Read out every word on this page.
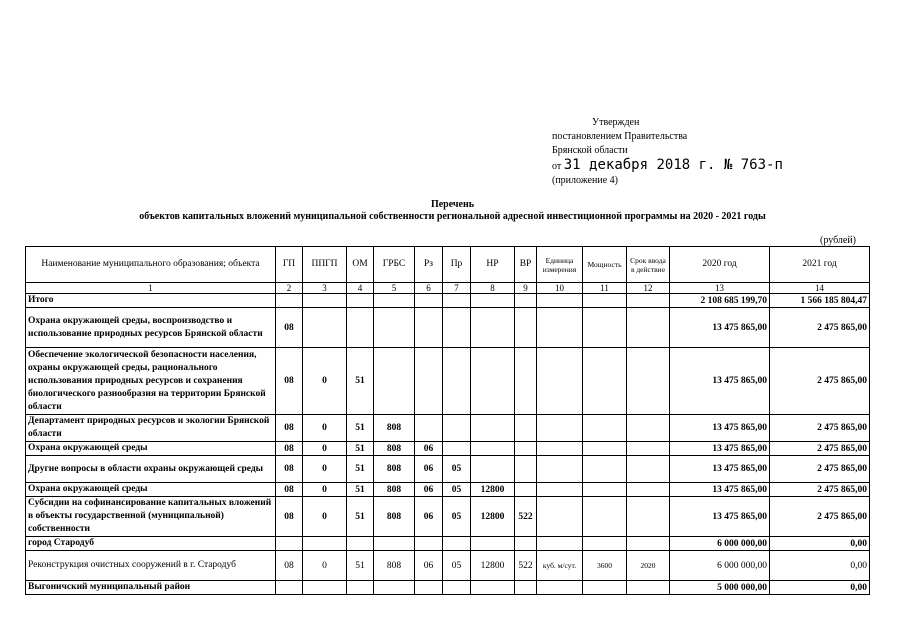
Утвержден
постановлением Правительства
Брянской области
от 31 декабря 2018 г. № 763-п
(приложение 4)
Перечень
объектов капитальных вложений муниципальной собственности региональной адресной инвестиционной программы на 2020 - 2021 годы
(рублей)
Наименование муниципального образования; объекта	ГП	ППГП	ОМ	ГРБС	Рз	Пр	НР	ВР	Единица измерения	Мощность	Срок ввода в действие	2020 год	2021 год
1	2	3	4	5	6	7	8	9	10	11	12	13	14
Итого												2 108 685 199,70	1 566 185 804,47
Охрана окружающей среды, воспроизводство и использование природных ресурсов Брянской области	08											13 475 865,00	2 475 865,00
Обеспечение экологической безопасности населения, охраны окружающей среды, рационального использования природных ресурсов и сохранения биологического разнообразия на территории Брянской области	08	0	51									13 475 865,00	2 475 865,00
Департамент природных ресурсов и экологии Брянской области	08	0	51	808								13 475 865,00	2 475 865,00
Охрана окружающей среды	08	0	51	808	06							13 475 865,00	2 475 865,00
Другие вопросы в области охраны окружающей среды	08	0	51	808	06	05						13 475 865,00	2 475 865,00
Охрана окружающей среды	08	0	51	808	06	05	12800					13 475 865,00	2 475 865,00
Субсидии на софинансирование капитальных вложений в объекты государственной (муниципальной) собственности	08	0	51	808	06	05	12800	522				13 475 865,00	2 475 865,00
город Стародуб												6 000 000,00	0,00
Реконструкция очистных сооружений в г. Стародуб	08	0	51	808	06	05	12800	522	куб. м/сут.	3600	2020	6 000 000,00	0,00
Выгоничский муниципальный район												5 000 000,00	0,00
